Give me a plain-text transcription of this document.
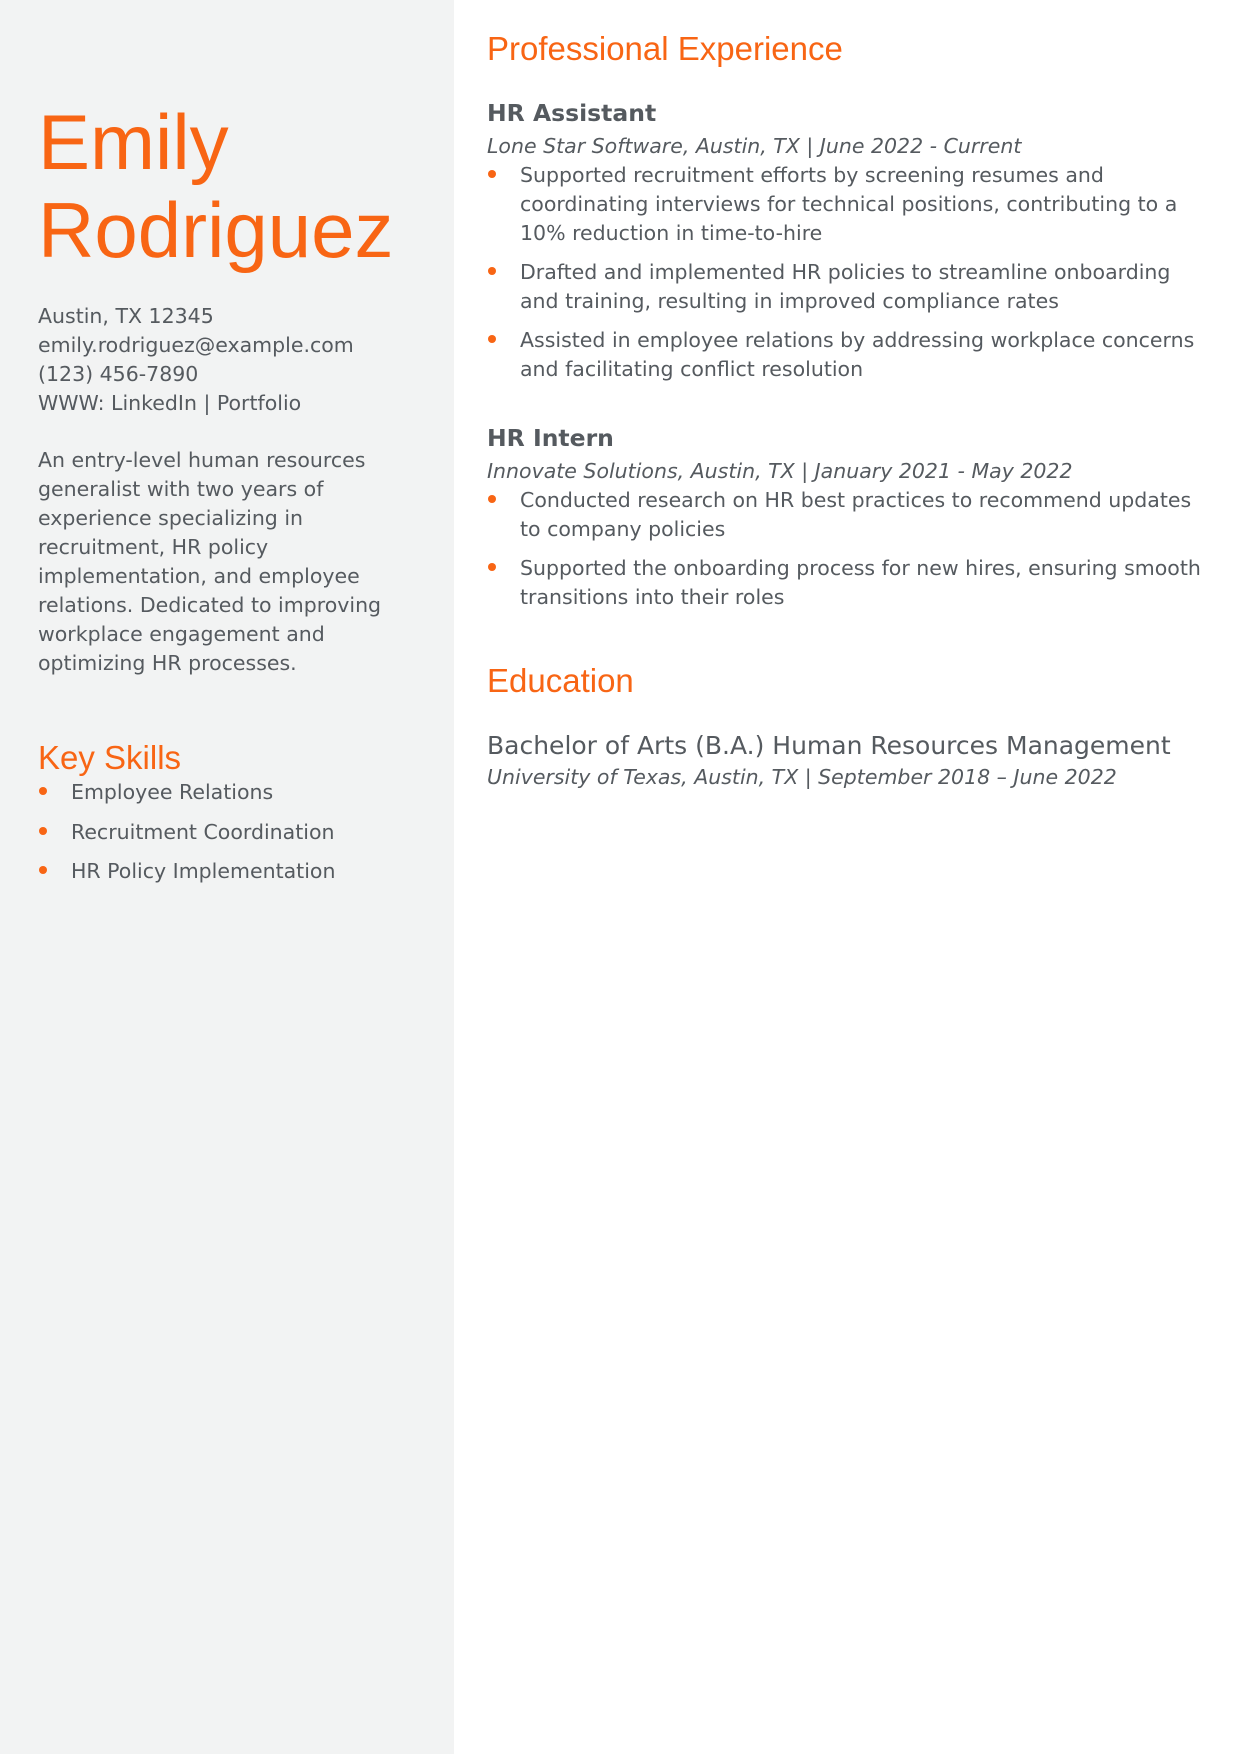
Emily
Rodriguez
Austin, TX 12345
emily.rodriguez@example.com
(123) 456-7890
WWW: LinkedIn | Portfolio
An entry-level human resources generalist with two years of experience specializing in recruitment, HR policy implementation, and employee relations. Dedicated to improving workplace engagement and optimizing HR processes.
Key Skills
Employee Relations
Recruitment Coordination
HR Policy Implementation
Professional Experience
HR Assistant
Lone Star Software, Austin, TX | June 2022 - Current
Supported recruitment efforts by screening resumes and coordinating interviews for technical positions, contributing to a 10% reduction in time-to-hire
Drafted and implemented HR policies to streamline onboarding and training, resulting in improved compliance rates
Assisted in employee relations by addressing workplace concerns and facilitating conflict resolution
HR Intern
Innovate Solutions, Austin, TX | January 2021 - May 2022
Conducted research on HR best practices to recommend updates to company policies
Supported the onboarding process for new hires, ensuring smooth transitions into their roles
Education
Bachelor of Arts (B.A.) Human Resources Management
University of Texas, Austin, TX | September 2018 – June 2022
